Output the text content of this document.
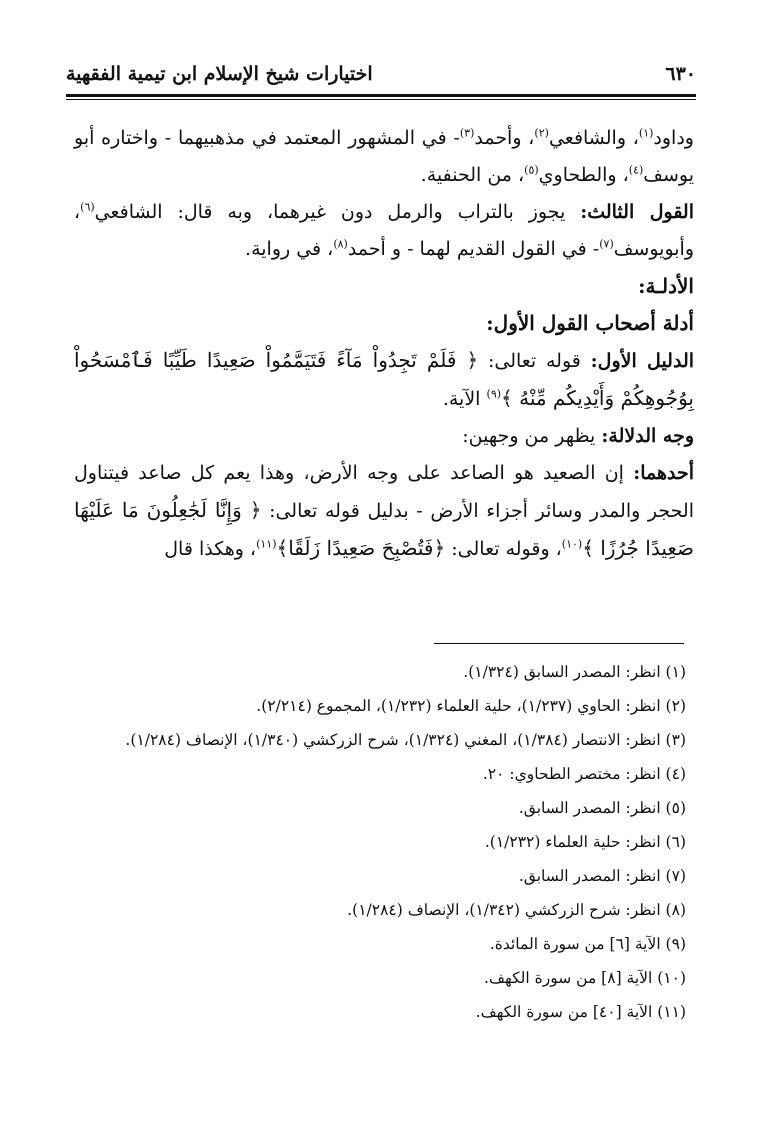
٦٣٠
اختيارات شيخ الإسلام ابن تيمية الفقهية

وداود$^{(١)}$، والشافعي$^{(٢)}$، وأحمد$^{(٣)}$- في المشهور المعتمد في مذهبيهما - واختاره أبو يوسف$^{(٤)}$، والطحاوي$^{(٥)}$، من الحنفية.

القول الثالث: يجوز بالتراب والرمل دون غيرهما، وبه قال: الشافعي$^{(٦)}$، وأبويوسف$^{(٧)}$- في القول القديم لهما - و أحمد$^{(٨)}$، في رواية.

الأدلـة:

أدلة أصحاب القول الأول:

الدليل الأول: قوله تعالى: ﴿ فَلَمْ تَجِدُواْ مَآءً فَتَيَمَّمُواْ صَعِيدًا طَيِّبًا فَٱمْسَحُواْ بِوُجُوهِكُمْ وَأَيْدِيكُم مِّنْهُ ﴾$^{(٩)}$ الآية.

وجه الدلالة: يظهر من وجهين:

أحدهما: إن الصعيد هو الصاعد على وجه الأرض، وهذا يعم كل صاعد فيتناول الحجر والمدر وسائر أجزاء الأرض - بدليل قوله تعالى: ﴿ وَإِنَّا لَجَٰعِلُونَ مَا عَلَيْهَا صَعِيدًا جُرُزًا ﴾$^{(١٠)}$، وقوله تعالى: ﴿فَتُصْبِحَ صَعِيدًا زَلَقًا﴾$^{(١١)}$، وهكذا قال

(١) انظر: المصدر السابق (١/٣٢٤).
(٢) انظر: الحاوي (١/٢٣٧)، حلية العلماء (١/٢٣٢)، المجموع (٢/٢١٤).
(٣) انظر: الانتصار (١/٣٨٤)، المغني (١/٣٢٤)، شرح الزركشي (١/٣٤٠)، الإنصاف (١/٢٨٤).
(٤) انظر: مختصر الطحاوي: ٢٠.
(٥) انظر: المصدر السابق.
(٦) انظر: حلية العلماء (١/٢٣٢).
(٧) انظر: المصدر السابق.
(٨) انظر: شرح الزركشي (١/٣٤٢)، الإنصاف (١/٢٨٤).
(٩) الآية [٦] من سورة المائدة.
(١٠) الآية [٨] من سورة الكهف.
(١١) الآية [٤٠] من سورة الكهف.
